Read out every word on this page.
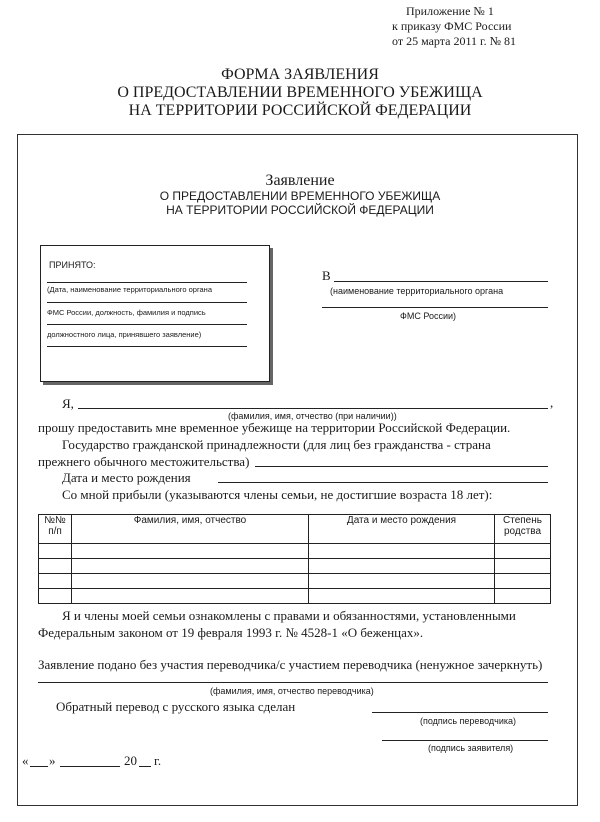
Приложение № 1
к приказу ФМС России
от 25 марта 2011 г. № 81
ФОРМА ЗАЯВЛЕНИЯ
О ПРЕДОСТАВЛЕНИИ ВРЕМЕННОГО УБЕЖИЩА
НА ТЕРРИТОРИИ РОССИЙСКОЙ ФЕДЕРАЦИИ
Заявление
О ПРЕДОСТАВЛЕНИИ ВРЕМЕННОГО УБЕЖИЩА
НА ТЕРРИТОРИИ РОССИЙСКОЙ ФЕДЕРАЦИИ
ПРИНЯТО:
(Дата, наименование территориального органа
ФМС России, должность, фамилия и подпись
должностного лица, принявшего заявление)
В
(наименование территориального органа
ФМС России)
Я,	,
(фамилия, имя, отчество (при наличии))
прошу предоставить мне временное убежище на территории Российской Федерации.
Государство гражданской принадлежности (для лиц без гражданства - страна
прежнего обычного местожительства)
Дата и место рождения
Со мной прибыли (указываются члены семьи, не достигшие возраста 18 лет):
№№ п/п	Фамилия, имя, отчество	Дата и место рождения	Степень родства

Я и члены моей семьи ознакомлены с правами и обязанностями, установленными
Федеральным законом от 19 февраля 1993 г. № 4528-1 «О беженцах».
Заявление подано без участия переводчика/с участием переводчика (ненужное зачеркнуть)
(фамилия, имя, отчество переводчика)
Обратный перевод с русского языка сделан
(подпись переводчика)
(подпись заявителя)
« »	20 г.
